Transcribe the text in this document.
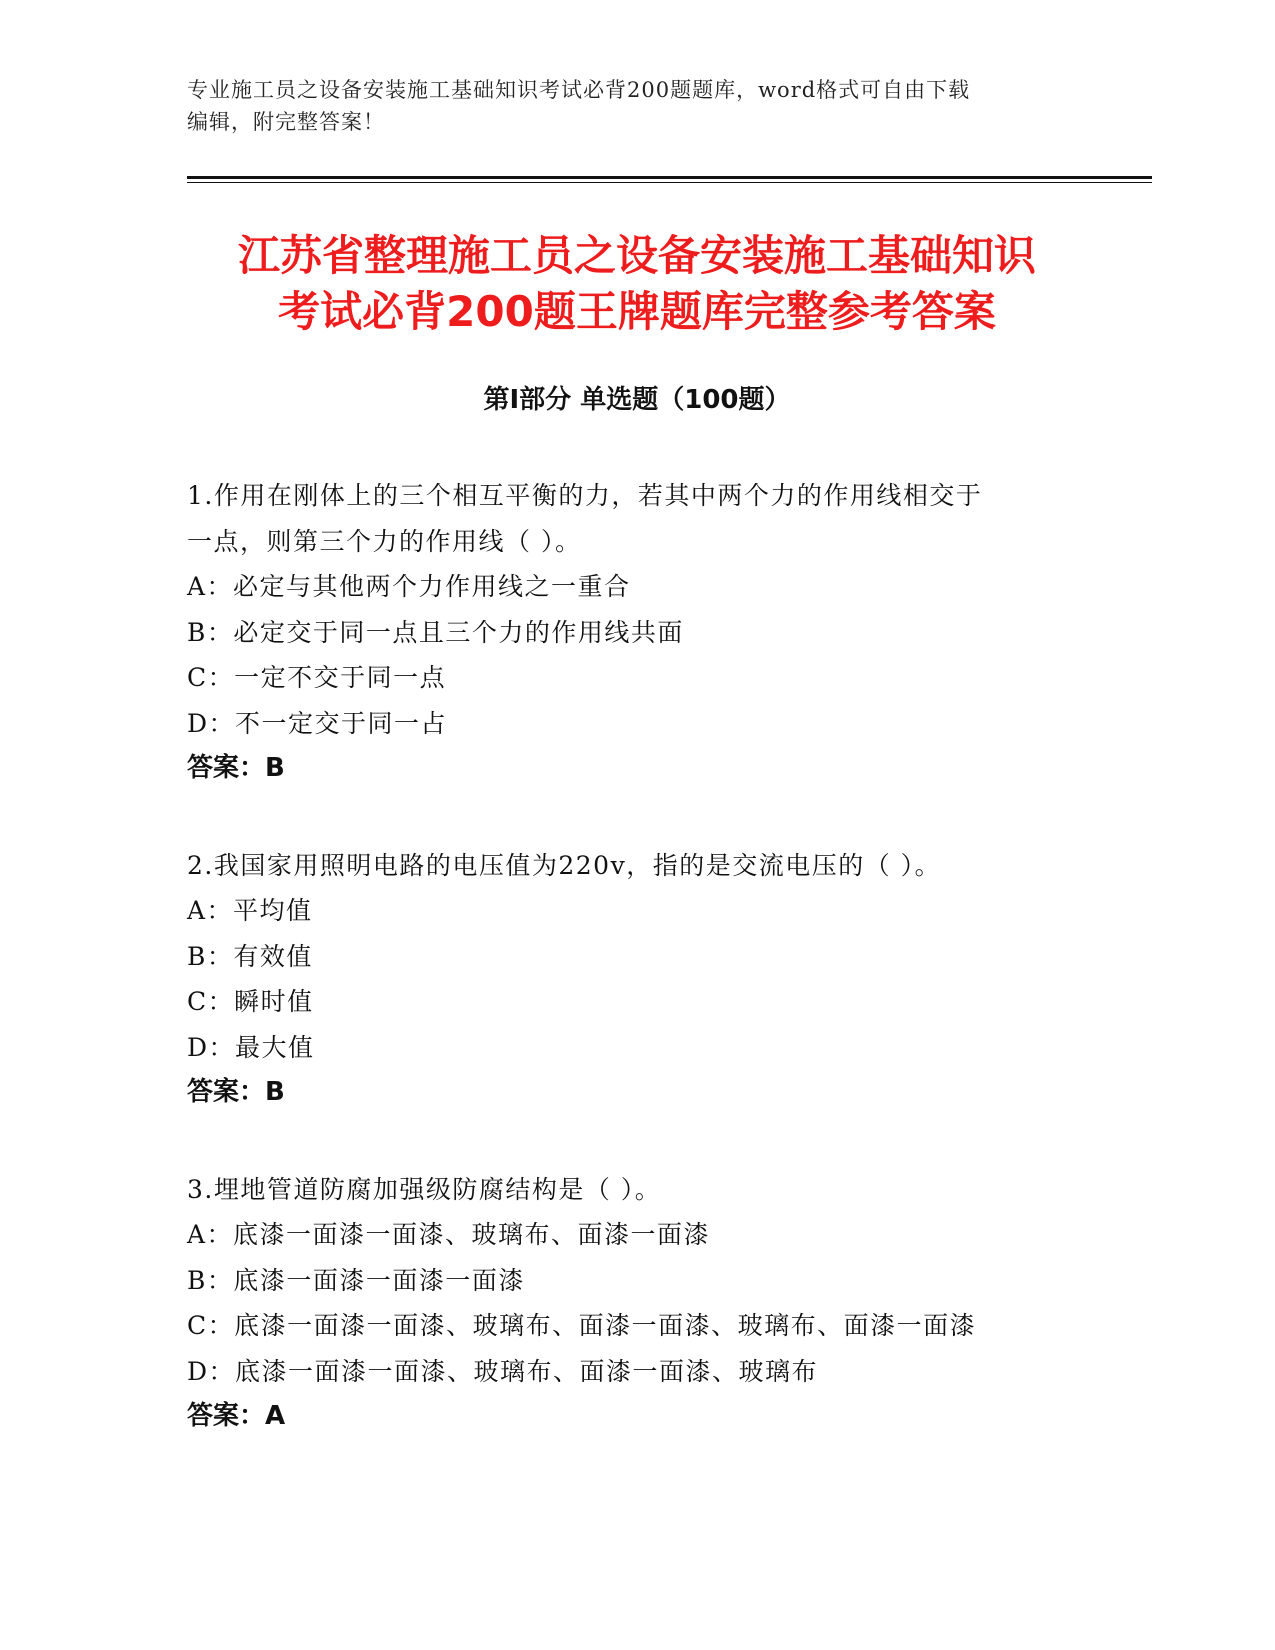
专业施工员之设备安装施工基础知识考试必背200题题库，word格式可自由下载
编辑，附完整答案！
江苏省整理施工员之设备安装施工基础知识
考试必背200题王牌题库完整参考答案
第I部分 单选题（100题）
1.作用在刚体上的三个相互平衡的力，若其中两个力的作用线相交于
一点，则第三个力的作用线（ ）。
A：必定与其他两个力作用线之一重合
B：必定交于同一点且三个力的作用线共面
C：一定不交于同一点
D：不一定交于同一占
答案：B
2.我国家用照明电路的电压值为220v，指的是交流电压的（ ）。
A：平均值
B：有效值
C：瞬时值
D：最大值
答案：B
3.埋地管道防腐加强级防腐结构是（ ）。
A：底漆一面漆一面漆、玻璃布、面漆一面漆
B：底漆一面漆一面漆一面漆
C：底漆一面漆一面漆、玻璃布、面漆一面漆、玻璃布、面漆一面漆
D：底漆一面漆一面漆、玻璃布、面漆一面漆、玻璃布
答案：A
